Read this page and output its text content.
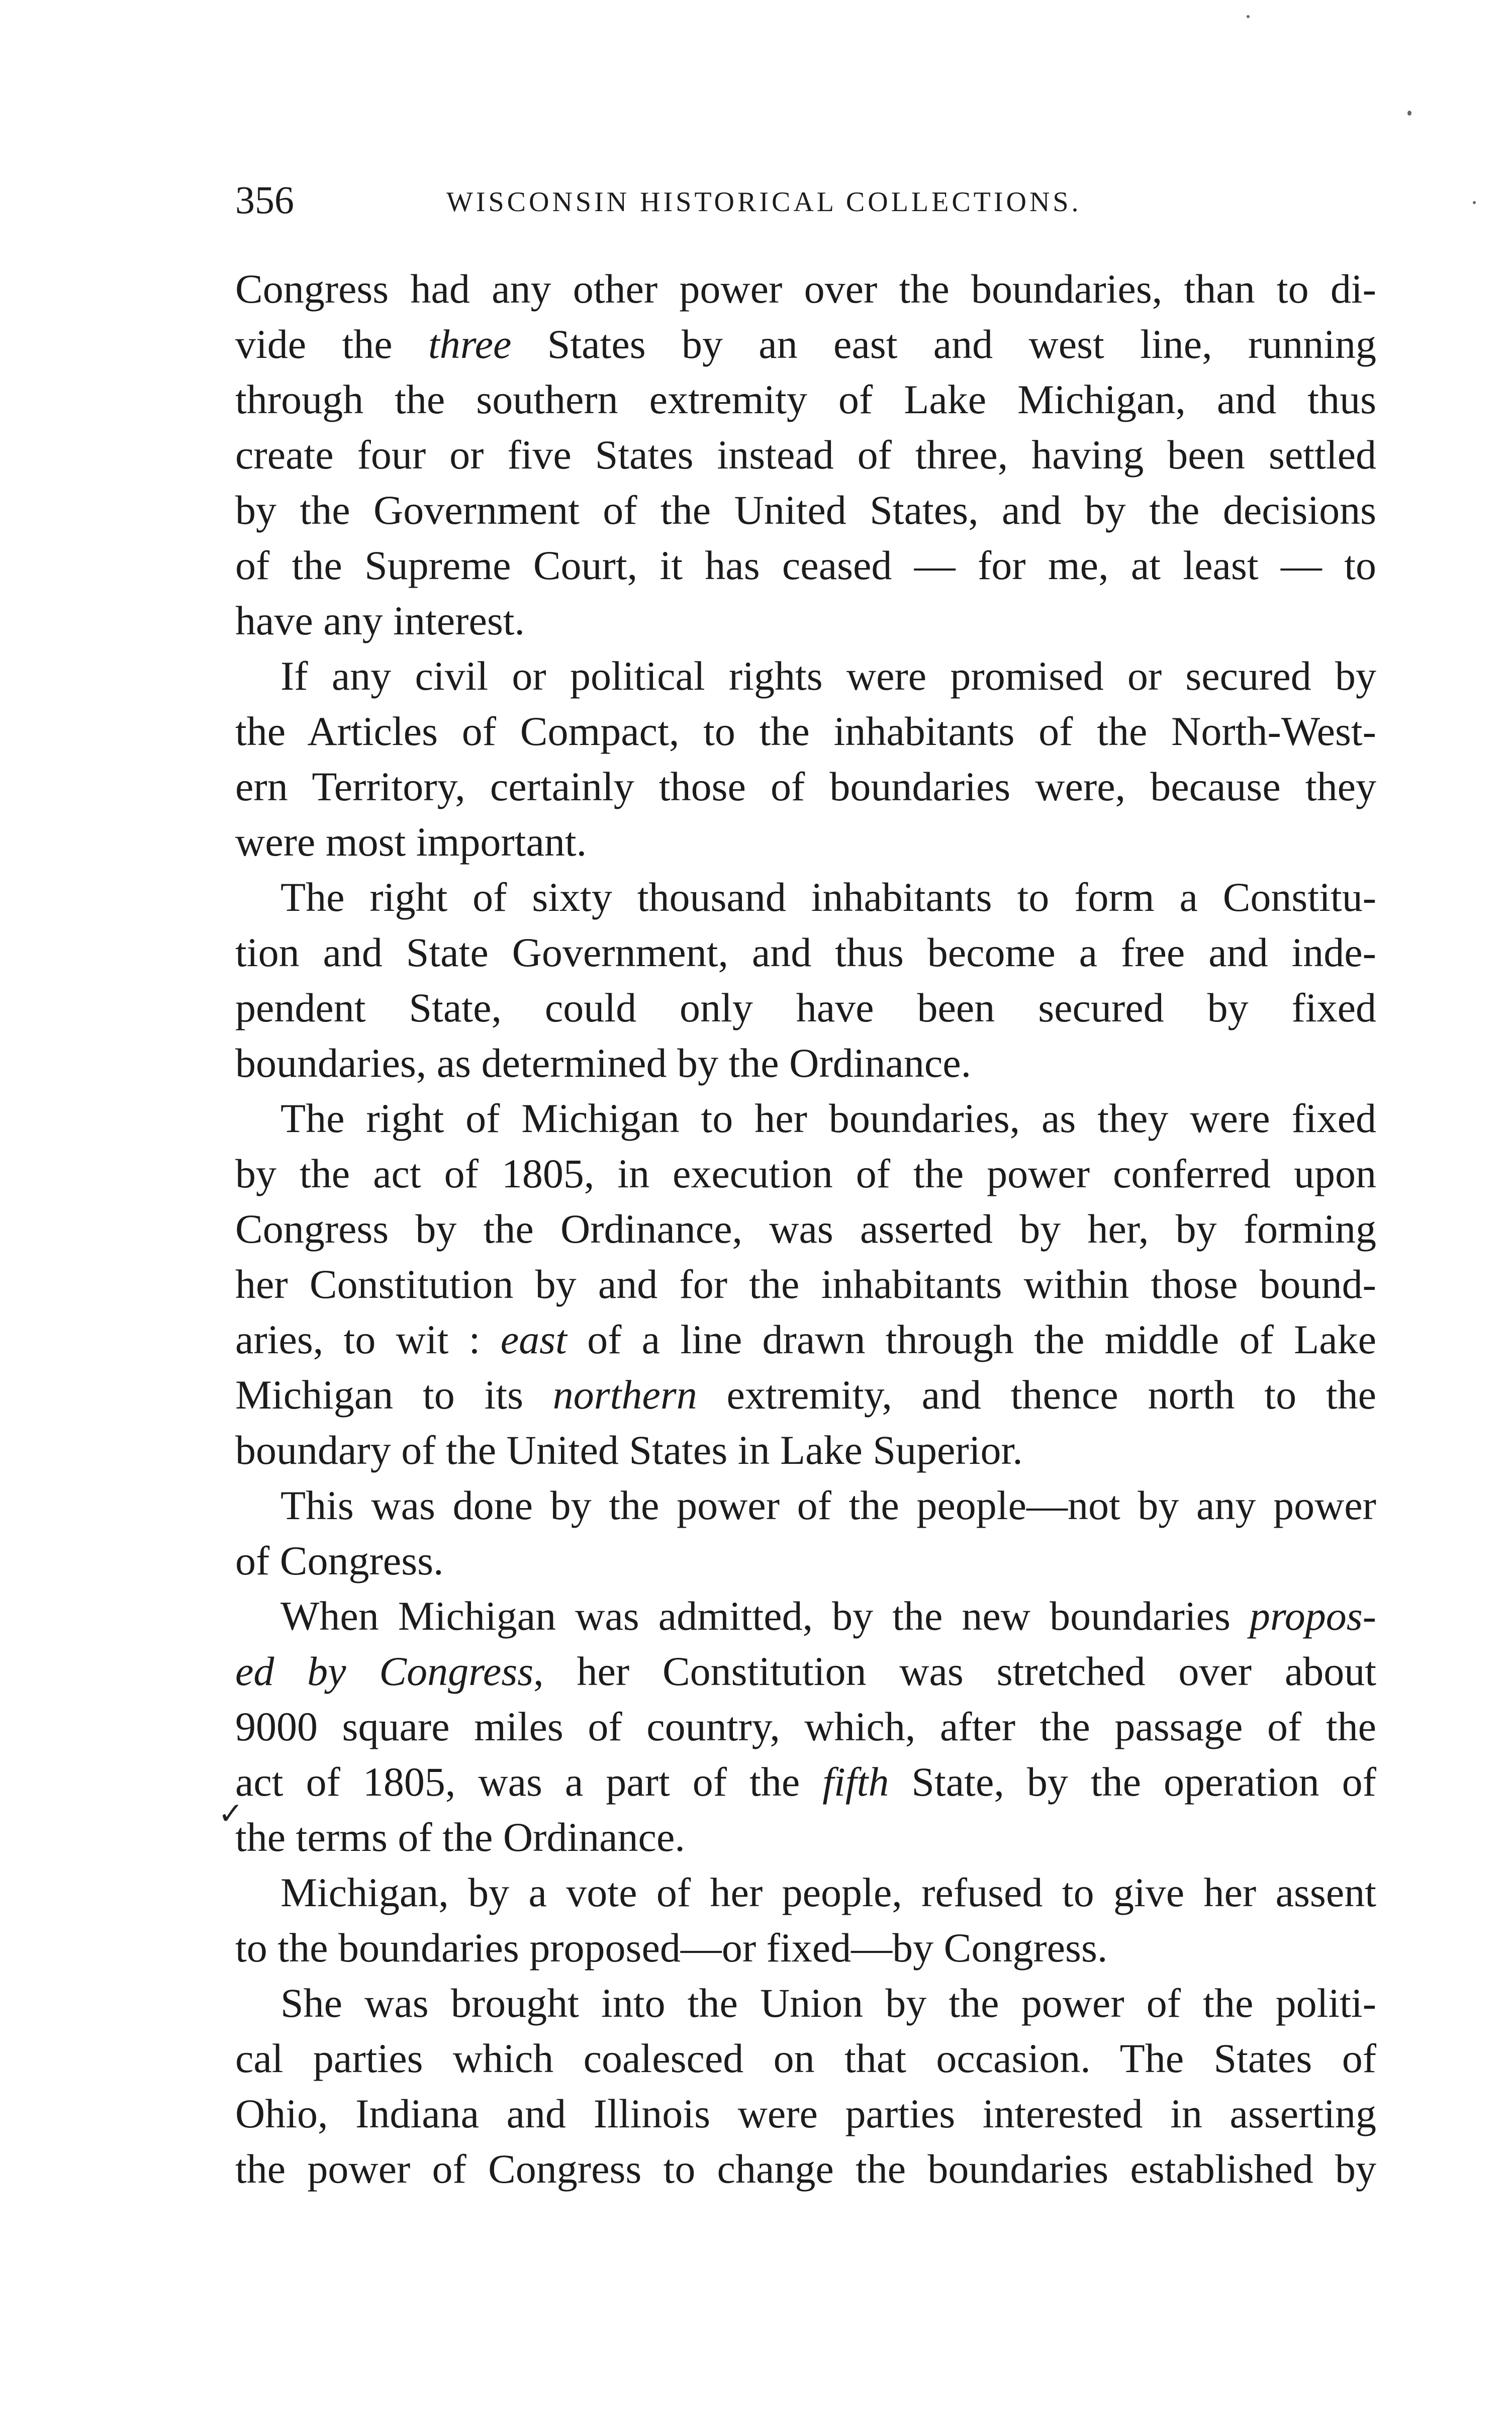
356	WISCONSIN HISTORICAL COLLECTIONS.
Congress had any other power over the boundaries, than to di-
vide the three States by an east and west line, running
through the southern extremity of Lake Michigan, and thus
create four or five States instead of three, having been settled
by the Government of the United States, and by the decisions
of the Supreme Court, it has ceased — for me, at least — to
have any interest.
If any civil or political rights were promised or secured by
the Articles of Compact, to the inhabitants of the North-West-
ern Territory, certainly those of boundaries were, because they
were most important.
The right of sixty thousand inhabitants to form a Constitu-
tion and State Government, and thus become a free and inde-
pendent State, could only have been secured by fixed
boundaries, as determined by the Ordinance.
The right of Michigan to her boundaries, as they were fixed
by the act of 1805, in execution of the power conferred upon
Congress by the Ordinance, was asserted by her, by forming
her Constitution by and for the inhabitants within those bound-
aries, to wit : east of a line drawn through the middle of Lake
Michigan to its northern extremity, and thence north to the
boundary of the United States in Lake Superior.
This was done by the power of the people—not by any power
of Congress.
When Michigan was admitted, by the new boundaries propos-
ed by Congress, her Constitution was stretched over about
9000 square miles of country, which, after the passage of the
act of 1805, was a part of the fifth State, by the operation of
the terms of the Ordinance.
Michigan, by a vote of her people, refused to give her assent
to the boundaries proposed—or fixed—by Congress.
She was brought into the Union by the power of the politi-
cal parties which coalesced on that occasion. The States of
Ohio, Indiana and Illinois were parties interested in asserting
the power of Congress to change the boundaries established by
✓
